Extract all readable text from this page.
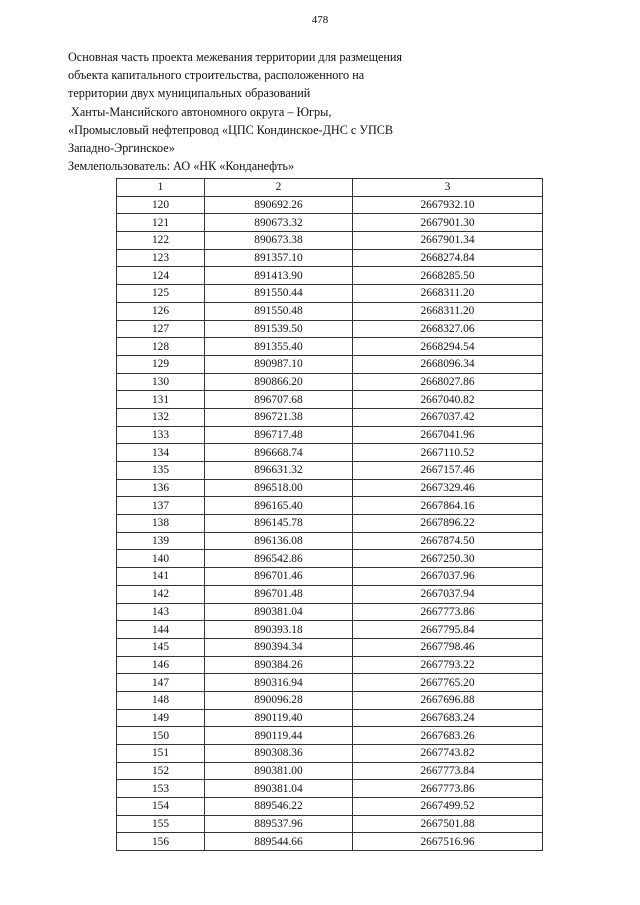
478
Основная часть проекта межевания территории для размещения
объекта капитального строительства, расположенного на
территории двух муниципальных образований
Ханты-Мансийского автономного округа – Югры,
«Промысловый нефтепровод «ЦПС Кондинское-ДНС с УПСВ
Западно-Эргинское»
Землепользователь: АО «НК «Конданефть»
1	2	3
120	890692.26	2667932.10
121	890673.32	2667901.30
122	890673.38	2667901.34
123	891357.10	2668274.84
124	891413.90	2668285.50
125	891550.44	2668311.20
126	891550.48	2668311.20
127	891539.50	2668327.06
128	891355.40	2668294.54
129	890987.10	2668096.34
130	890866.20	2668027.86
131	896707.68	2667040.82
132	896721.38	2667037.42
133	896717.48	2667041.96
134	896668.74	2667110.52
135	896631.32	2667157.46
136	896518.00	2667329.46
137	896165.40	2667864.16
138	896145.78	2667896.22
139	896136.08	2667874.50
140	896542.86	2667250.30
141	896701.46	2667037.96
142	896701.48	2667037.94
143	890381.04	2667773.86
144	890393.18	2667795.84
145	890394.34	2667798.46
146	890384.26	2667793.22
147	890316.94	2667765.20
148	890096.28	2667696.88
149	890119.40	2667683.24
150	890119.44	2667683.26
151	890308.36	2667743.82
152	890381.00	2667773.84
153	890381.04	2667773.86
154	889546.22	2667499.52
155	889537.96	2667501.88
156	889544.66	2667516.96
